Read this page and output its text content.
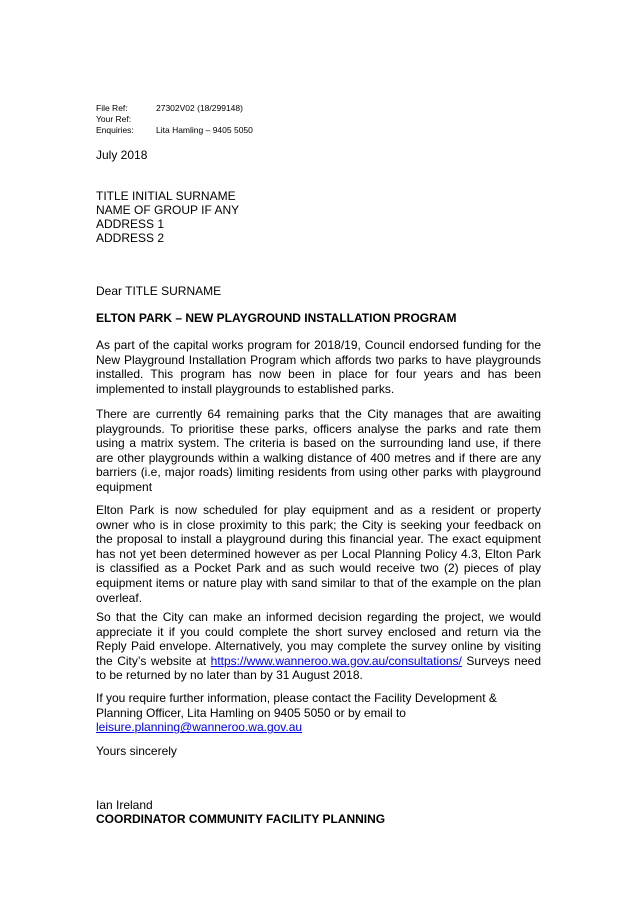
File Ref:	27302V02 (18/299148)
Your Ref:
Enquiries:	Lita Hamling – 9405 5050
July 2018
TITLE INITIAL SURNAME
NAME OF GROUP IF ANY
ADDRESS 1
ADDRESS 2
Dear TITLE SURNAME
ELTON PARK – NEW PLAYGROUND INSTALLATION PROGRAM
As part of the capital works program for 2018/19, Council endorsed funding for the New Playground Installation Program which affords two parks to have playgrounds installed. This program has now been in place for four years and has been implemented to install playgrounds to established parks.
There are currently 64 remaining parks that the City manages that are awaiting playgrounds. To prioritise these parks, officers analyse the parks and rate them using a matrix system. The criteria is based on the surrounding land use, if there are other playgrounds within a walking distance of 400 metres and if there are any barriers (i.e, major roads) limiting residents from using other parks with playground equipment
Elton Park is now scheduled for play equipment and as a resident or property owner who is in close proximity to this park; the City is seeking your feedback on the proposal to install a playground during this financial year. The exact equipment has not yet been determined however as per Local Planning Policy 4.3, Elton Park is classified as a Pocket Park and as such would receive two (2) pieces of play equipment items or nature play with sand similar to that of the example on the plan overleaf.
So that the City can make an informed decision regarding the project, we would appreciate it if you could complete the short survey enclosed and return via the Reply Paid envelope. Alternatively, you may complete the survey online by visiting the City’s website at https://www.wanneroo.wa.gov.au/consultations/ Surveys need to be returned by no later than by 31 August 2018.
If you require further information, please contact the Facility Development & Planning Officer, Lita Hamling on 9405 5050 or by email to leisure.planning@wanneroo.wa.gov.au
Yours sincerely
Ian Ireland
COORDINATOR COMMUNITY FACILITY PLANNING
